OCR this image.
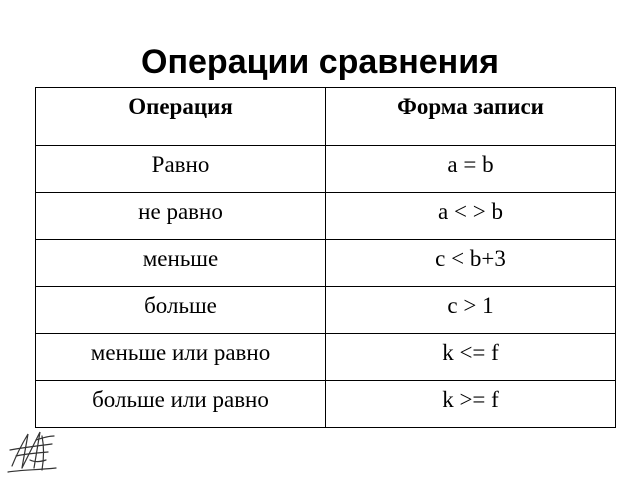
Операции сравнения
Операция	Форма записи
Равно	a = b
не равно	a < > b
меньше	c < b+3
больше	c > 1
меньше или равно	k <= f
больше или равно	k >= f
